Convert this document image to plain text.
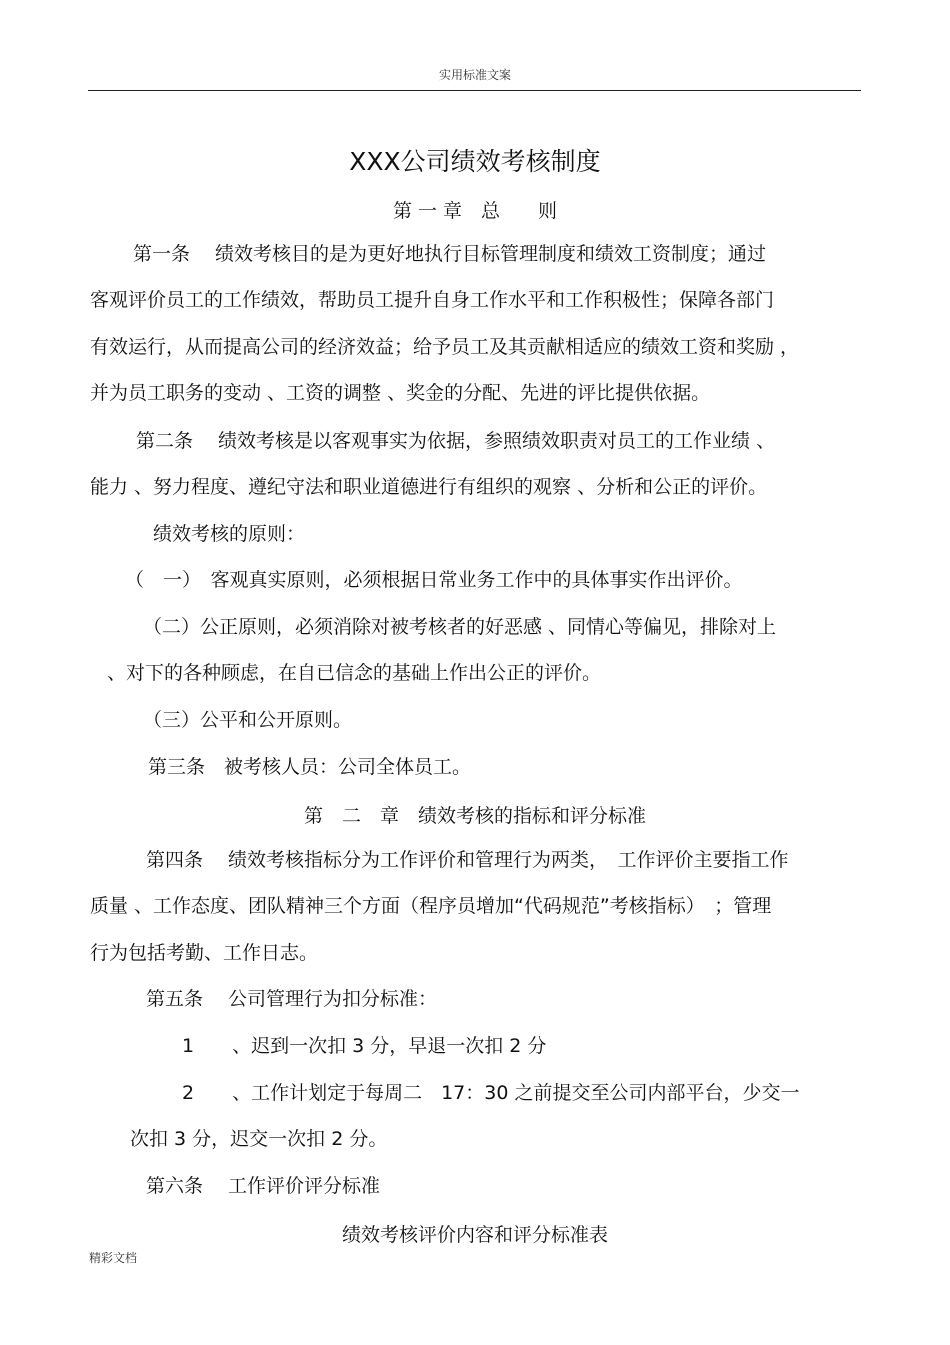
实用标准文案
XXX公司绩效考核制度
第 一 章　总　　则
第一条　 绩效考核目的是为更好地执行目标管理制度和绩效工资制度；通过
客观评价员工的工作绩效，帮助员工提升自身工作水平和工作积极性；保障各部门
有效运行，从而提高公司的经济效益；给予员工及其贡献相适应的绩效工资和奖励 ，
并为员工职务的变动 、工资的调整 、奖金的分配、先进的评比提供依据。
第二条　 绩效考核是以客观事实为依据，参照绩效职责对员工的工作业绩 、
能力 、努力程度、遵纪守法和职业道德进行有组织的观察 、分析和公正的评价。
绩效考核的原则：
（　一）　客观真实原则，必须根据日常业务工作中的具体事实作出评价。
（二）公正原则，必须消除对被考核者的好恶感 、同情心等偏见，排除对上
、对下的各种顾虑，在自已信念的基础上作出公正的评价。
（三）公平和公开原则。
第三条　被考核人员：公司全体员工。
第　二　章　绩效考核的指标和评分标准
第四条　 绩效考核指标分为工作评价和管理行为两类，　工作评价主要指工作
质量 、工作态度、团队精神三个方面（程序员增加“代码规范”考核指标）　；管理
行为包括考勤、工作日志。
第五条　 公司管理行为扣分标准：
1　　、迟到一次扣 3 分，早退一次扣 2 分
2　　、工作计划定于每周二　17：30 之前提交至公司内部平台，少交一
次扣 3 分，迟交一次扣 2 分。
第六条　 工作评价评分标准
绩效考核评价内容和评分标准表
精彩文档
